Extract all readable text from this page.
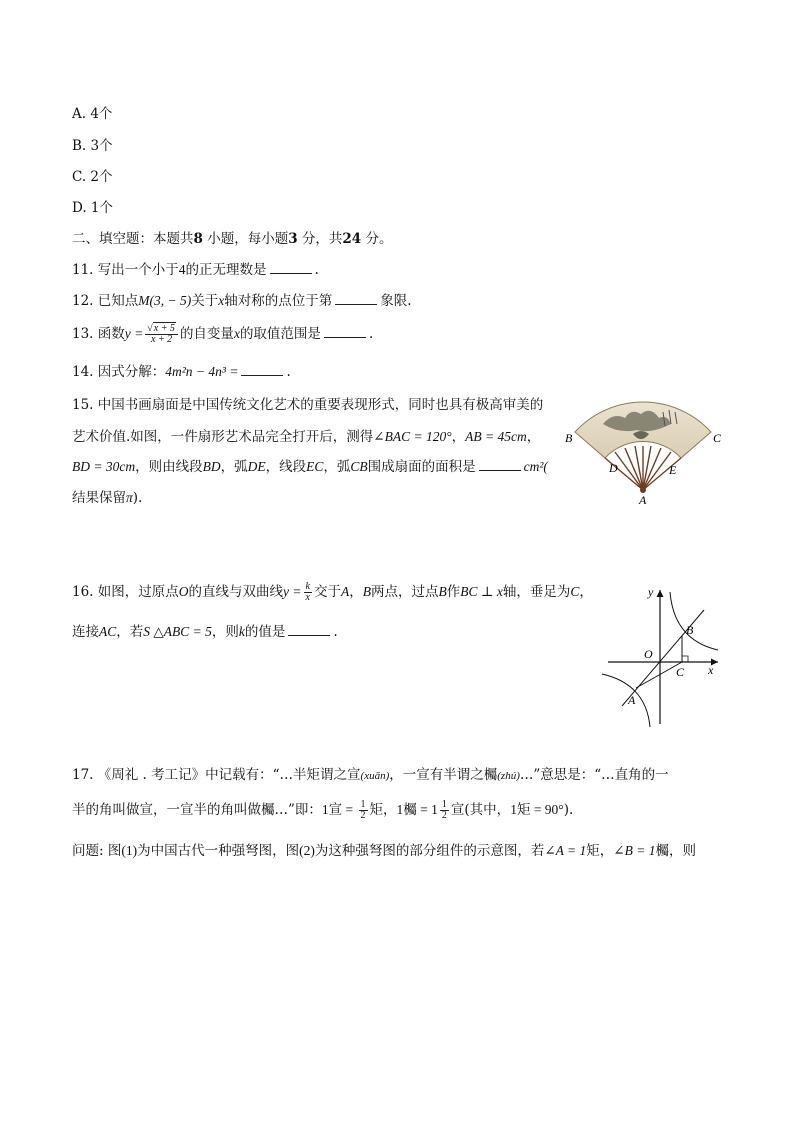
A. 4个
B. 3个
C. 2个
D. 1个
二、填空题：本题共8 小题，每小题3 分，共24 分。
11. 写出一个小于4的正无理数是	.
12. 已知点M(3, − 5)关于x轴对称的点位于第	象限.
13. 函数$y = \frac{√x + 5}{x + 2}$ 的自变量x的取值范围是	.
14. 因式分解：4m²n − 4n³ =	.
15. 中国书画扇面是中国传统文化艺术的重要表现形式，同时也具有极高审美的
艺术价值.如图，一件扇形艺术品完全打开后，测得∠BAC = 120°，AB = 45cm，
BD = 30cm，则由线段BD，弧DE，线段EC，弧CB围成扇面的面积是	cm²(
结果保留π).
B	C
D	E
A
16. 如图，过原点O的直线与双曲线$y = \frac{k}{x}$ 交于A，B两点，过点B作BC ⊥ x轴，垂足为C，
连接AC，若S △ABC = 5，则k的值是	.
y
x
O
B
C
A
17. 《周礼 . 考工记》中记载有：“…半矩谓之宣(xuān)，一宣有半谓之欘(zhú)…”意思是：“…直角的一
半的角叫做宣，一宣半的角叫做欘…”即：1宣 = $\frac{1}{2}$ 矩，1欘 = $1 \frac{1}{2}$ 宣(其中，1矩 = 90°).
问题: 图(1)为中国古代一种强弩图，图(2)为这种强弩图的部分组件的示意图，若∠A = 1矩，∠B = 1欘，则
